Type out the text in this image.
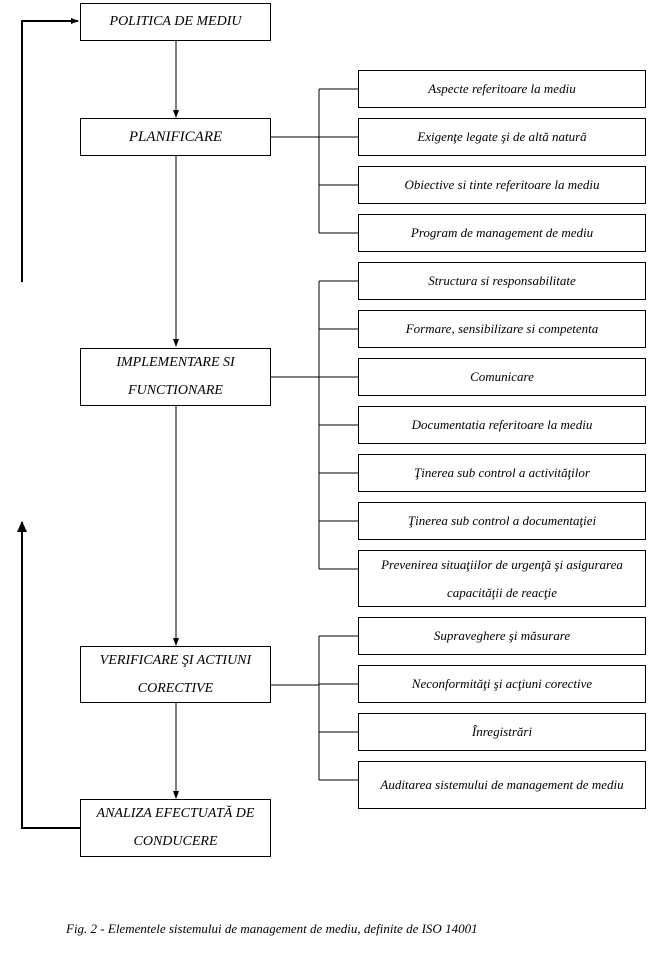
POLITICA DE MEDIU
PLANIFICARE
IMPLEMENTARE SI FUNCTIONARE
VERIFICARE ŞI ACTIUNI CORECTIVE
ANALIZA EFECTUATĂ DE CONDUCERE
Aspecte referitoare la mediu
Exigenţe legate şi de altă natură
Obiective si tinte referitoare la mediu
Program de management de mediu
Structura si responsabilitate
Formare, sensibilizare si competenta
Comunicare
Documentatia referitoare la mediu
Ţinerea sub control a activităţilor
Ţinerea sub control a documentaţiei
Prevenirea situaţiilor de urgenţă şi asigurarea capacităţii de reacţie
Supraveghere şi măsurare
Neconformităţi şi acţiuni corective
Înregistrări
Auditarea sistemului de management de mediu
Fig. 2 - Elementele sistemului de management de mediu, definite de ISO 14001
